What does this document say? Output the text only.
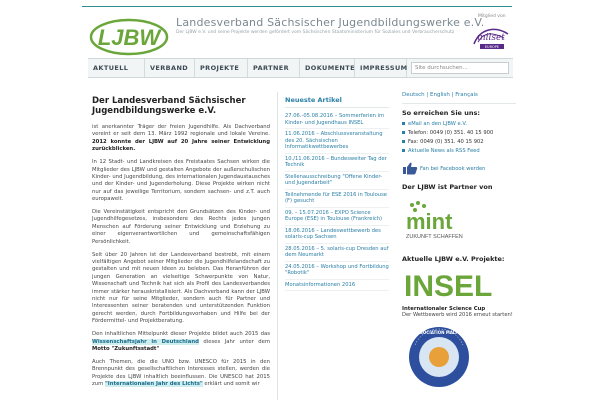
LJBW
Landesverband Sächsischer Jugendbildungswerke e.V.
Der LJBW e.V. und seine Projekte werden gefördert vom Sächsischen Staatsministerium für Soziales und Verbraucherschutz
Mitglied von
milset
EUROPE
AKTUELL	VERBAND	PROJEKTE	PARTNER	DOKUMENTE IMPRESSUM
Site durchsuchen...
Der Landesverband Sächsischer Jugendbildungswerke e.V.

ist anerkannter Träger der freien Jugendhilfe. Als Dachverband vereint er seit dem 13. März 1992 regionale und lokale Vereine. 2012 konnte der LJBW auf 20 Jahre seiner Entwicklung zurückblicken.

In 12 Stadt- und Landkreisen des Freistaates Sachsen wirken die Mitglieder des LJBW und gestalten Angebote der außerschulischen Kinder- und Jugendbildung, des internationalen Jugendaustausches und der Kinder- und Jugenderholung. Diese Projekte wirken nicht nur auf das jeweilige Territorium, sondern sachsen- und z.T. auch europaweit.

Die Vereinstätigkeit entspricht den Grundsätzen des Kinder- und Jugendhilfegesetzes, insbesondere des Rechts jedes jungen Menschen auf Förderung seiner Entwicklung und Erziehung zu einer eigenverantwortlichen und gemeinschaftsfähigen Persönlichkeit.

Seit über 20 Jahren ist der Landesverband bestrebt, mit einem vielfältigen Angebot seiner Mitglieder die Jugendhilfelandschaft zu gestalten und mit neuen Ideen zu beleben. Das Heranführen der jungen Generation an vielseitige Schwerpunkte von Natur, Wissenschaft und Technik hat sich als Profil des Landesverbandes immer stärker herauskristallisiert. Als Dachverband kann der LJBW nicht nur für seine Mitglieder, sondern auch für Partner und Interessenten seiner beratenden und unterstützenden Funktion gerecht werden, durch Fortbildungsvorhaben und Hilfe bei der Fördermittel- und Projektberatung.

Den inhaltlichen Mittelpunkt dieser Projekte bildet auch 2015 das Wissenschaftsjahr in Deutschland dieses Jahr unter dem Motto "Zukunftsstadt"

Auch Themen, die die UNO bzw. UNESCO für 2015 in den Brennpunkt des gesellschaftlichen Interesses stellen, werden die Projekte des LJBW inhaltlich beeinflussen. Die UNESCO hat 2015 zum "Internationalen Jahr des Lichts" erklärt und somit wir

Neueste Artikel
27.06.-05.08.2016 – Sommerferien im Kinder- und Jugendhaus INSEL
11.06.2016 – Abschlussveranstaltung des 20. Sächsischen Informatikwettbewerbes
10./11.06.2016 – Bundesweiter Tag der Technik
Stellenausschreibung "Offene Kinder- und Jugendarbeit"
Teilnehmende für ESE 2016 in Toulouse (F) gesucht
09. – 15.07.2016 – EXPO Science Europe (ESE) in Toulouse (Frankreich)
18.06.2016 – Landeswettbewerb des solaris-cup Sachsen
28.05.2016 – 5. solaris-cup Dresden auf dem Neumarkt
24.05.2016 – Workshop und Fortbildung "Robotik"
Monatsinformationen 2016
Deutsch | English | Français
So erreichen Sie uns:
eMail an den LJBW e.V.
Telefon: 0049 (0) 351. 40 15 900
Fax: 0049 (0) 351. 40 15 902
Aktuelle News als RSS Feed
Fan bei Facebook werden
Der LJBW ist Partner von
mint
ZUKUNFT SCHAFFEN
Aktuelle LJBW e.V. Projekte:
INSEL
Internationaler Science Cup
Der Wettbewerb wird 2016 erneut starten!
ASSOCIATION MALTCH
